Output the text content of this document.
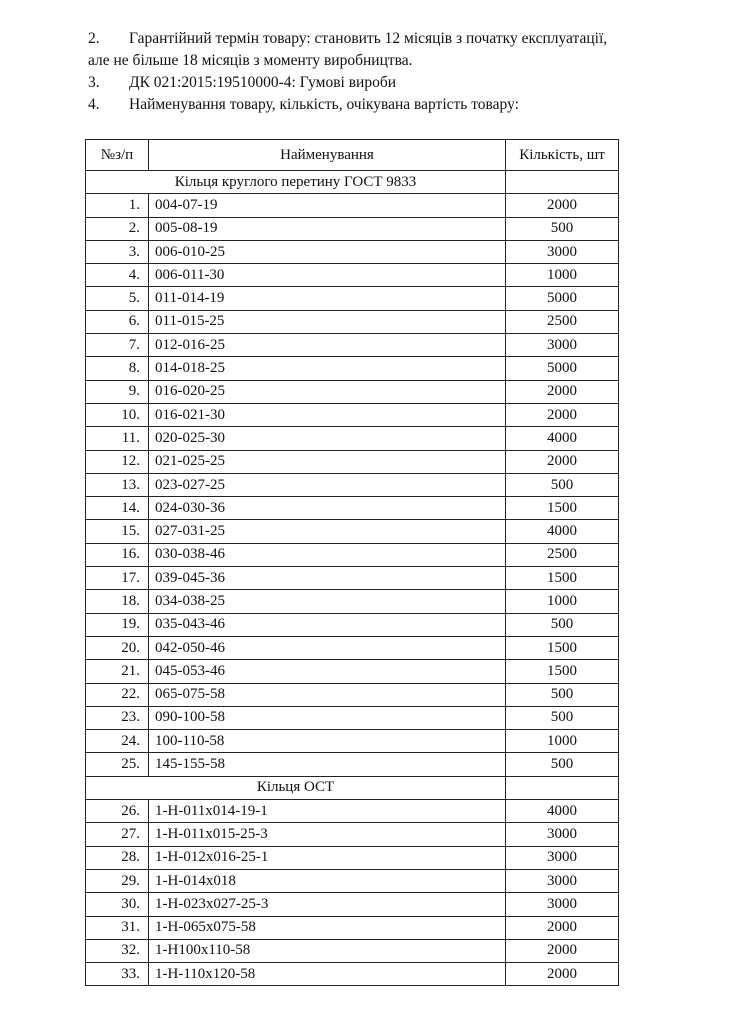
2. Гарантійний термін товару: становить 12 місяців з початку експлуатації,
але не більше 18 місяців з моменту виробництва.
3. ДК 021:2015:19510000-4: Гумові вироби
4. Найменування товару, кількість, очікувана вартість товару:
№з/п	Найменування	Кількість, шт
Кільця круглого перетину ГОСТ 9833		
1.	004-07-19	2000
2.	005-08-19	500
3.	006-010-25	3000
4.	006-011-30	1000
5.	011-014-19	5000
6.	011-015-25	2500
7.	012-016-25	3000
8.	014-018-25	5000
9.	016-020-25	2000
10.	016-021-30	2000
11.	020-025-30	4000
12.	021-025-25	2000
13.	023-027-25	500
14.	024-030-36	1500
15.	027-031-25	4000
16.	030-038-46	2500
17.	039-045-36	1500
18.	034-038-25	1000
19.	035-043-46	500
20.	042-050-46	1500
21.	045-053-46	1500
22.	065-075-58	500
23.	090-100-58	500
24.	100-110-58	1000
25.	145-155-58	500
Кільця ОСТ		
26.	1-Н-011х014-19-1	4000
27.	1-Н-011х015-25-3	3000
28.	1-Н-012х016-25-1	3000
29.	1-Н-014х018	3000
30.	1-Н-023х027-25-3	3000
31.	1-Н-065х075-58	2000
32.	1-Н100х110-58	2000
33.	1-Н-110х120-58	2000
